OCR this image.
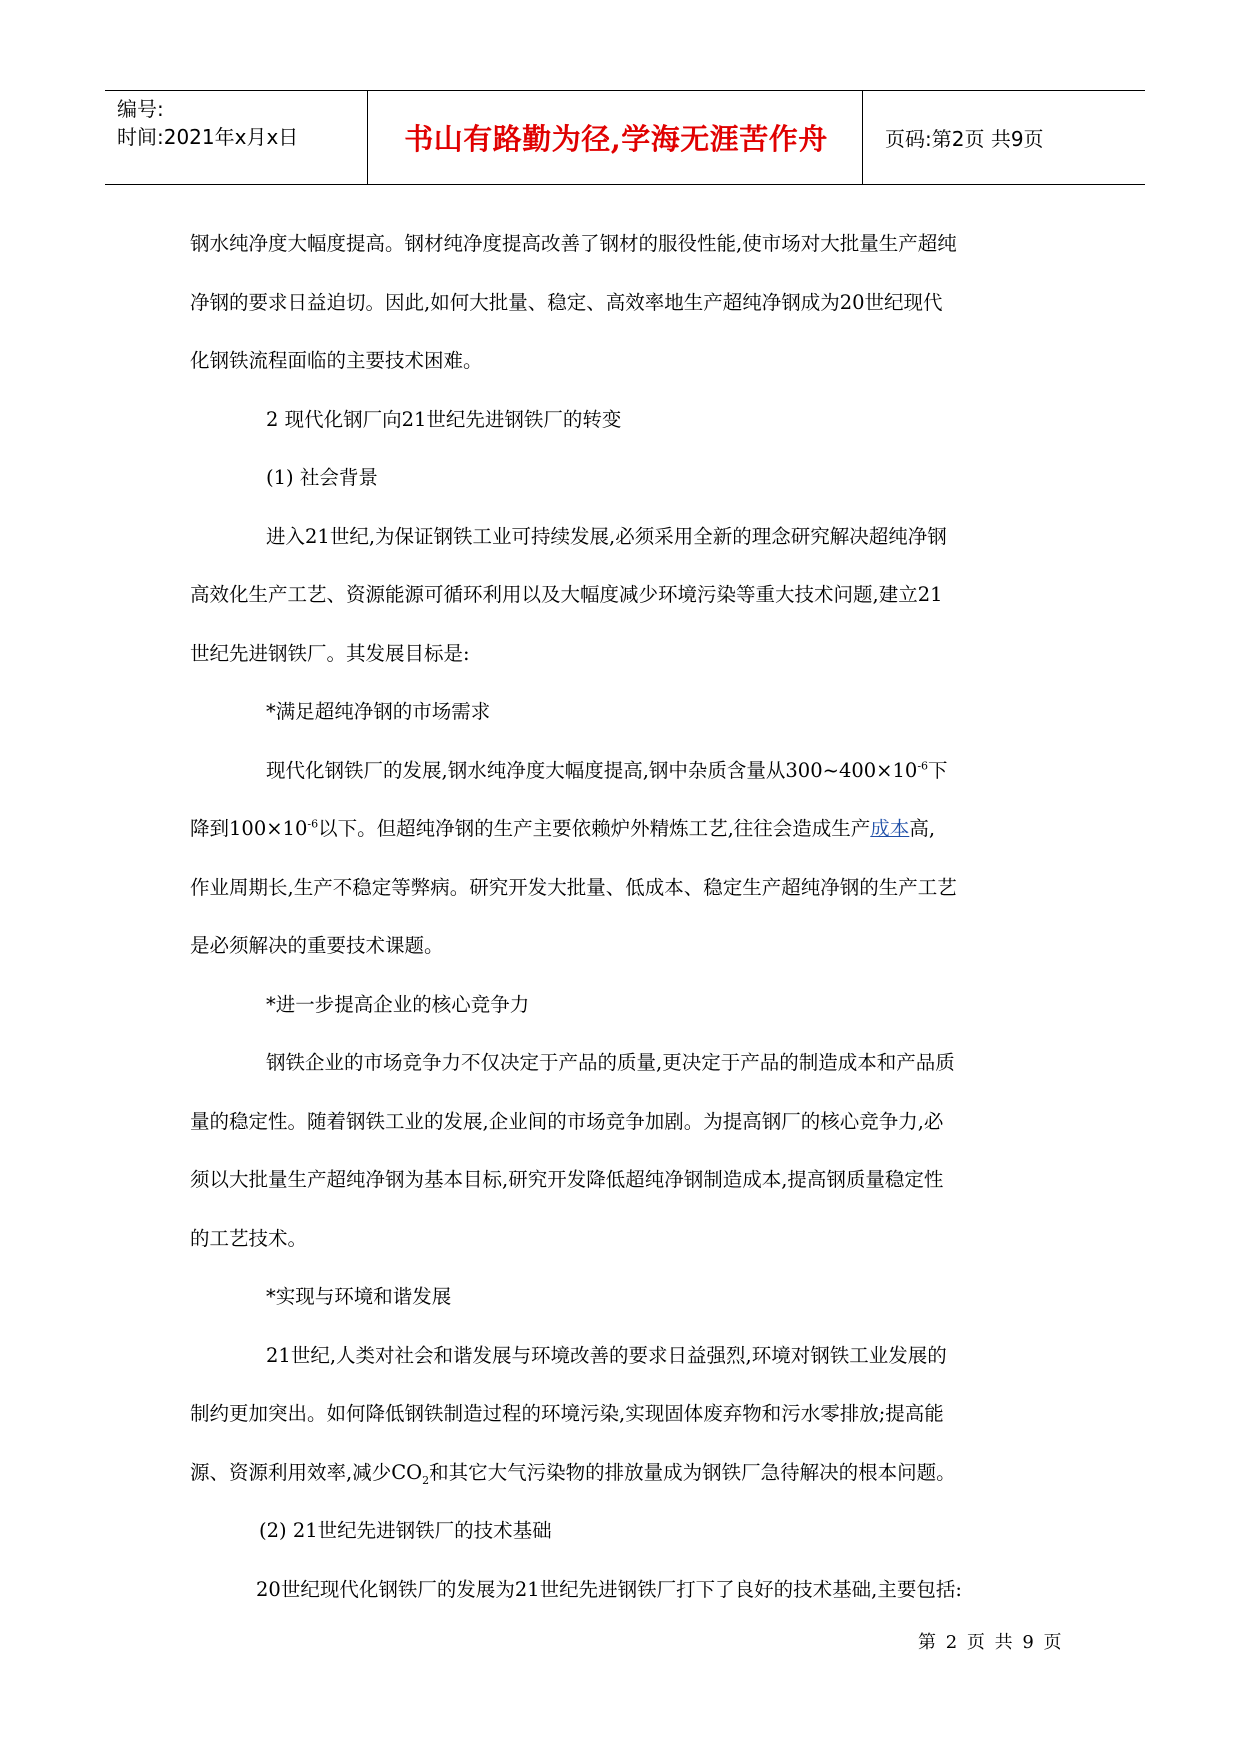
编号:
时间:2021年x月x日	书山有路勤为径,学海无涯苦作舟	页码:第2页 共9页

钢水纯净度大幅度提高。钢材纯净度提高改善了钢材的服役性能,使市场对大批量生产超纯

净钢的要求日益迫切。因此,如何大批量、稳定、高效率地生产超纯净钢成为20世纪现代

化钢铁流程面临的主要技术困难。

2 现代化钢厂向21世纪先进钢铁厂的转变

(1) 社会背景

进入21世纪,为保证钢铁工业可持续发展,必须采用全新的理念研究解决超纯净钢

高效化生产工艺、资源能源可循环利用以及大幅度减少环境污染等重大技术问题,建立21

世纪先进钢铁厂。其发展目标是:

*满足超纯净钢的市场需求

现代化钢铁厂的发展,钢水纯净度大幅度提高,钢中杂质含量从$300\sim 400\times 10^{-6}$下

降到$100\times 10^{-6}$以下。但超纯净钢的生产主要依赖炉外精炼工艺,往往会造成生产成本高,

作业周期长,生产不稳定等弊病。研究开发大批量、低成本、稳定生产超纯净钢的生产工艺

是必须解决的重要技术课题。

*进一步提高企业的核心竞争力

钢铁企业的市场竞争力不仅决定于产品的质量,更决定于产品的制造成本和产品质

量的稳定性。随着钢铁工业的发展,企业间的市场竞争加剧。为提高钢厂的核心竞争力,必

须以大批量生产超纯净钢为基本目标,研究开发降低超纯净钢制造成本,提高钢质量稳定性

的工艺技术。

*实现与环境和谐发展

21世纪,人类对社会和谐发展与环境改善的要求日益强烈,环境对钢铁工业发展的

制约更加突出。如何降低钢铁制造过程的环境污染,实现固体废弃物和污水零排放;提高能

源、资源利用效率,减少$CO_2$和其它大气污染物的排放量成为钢铁厂急待解决的根本问题。

(2) 21世纪先进钢铁厂的技术基础

20世纪现代化钢铁厂的发展为21世纪先进钢铁厂打下了良好的技术基础,主要包括:

第 2 页 共 9 页
